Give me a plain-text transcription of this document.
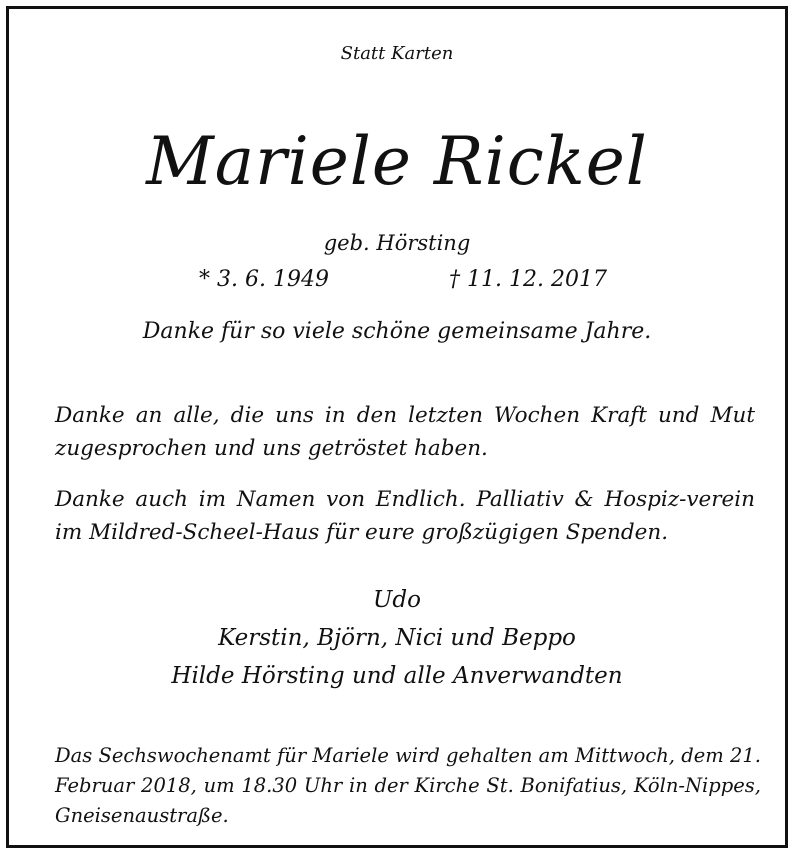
Statt Karten
Mariele Rickel
geb. Hörsting
* 3. 6. 1949	† 11. 12. 2017
Danke für so viele schöne gemeinsame Jahre.
Danke an alle, die uns in den letzten Wochen Kraft und Mut zugesprochen und uns getröstet haben.
Danke auch im Namen von Endlich. Palliativ & Hospiz-verein im Mildred-Scheel-Haus für eure großzügigen Spenden.
Udo
Kerstin, Björn, Nici und Beppo
Hilde Hörsting und alle Anverwandten
Das Sechswochenamt für Mariele wird gehalten am Mittwoch, dem 21. Februar 2018, um 18.30 Uhr in der Kirche St. Bonifatius, Köln-Nippes, Gneisenaustraße.
